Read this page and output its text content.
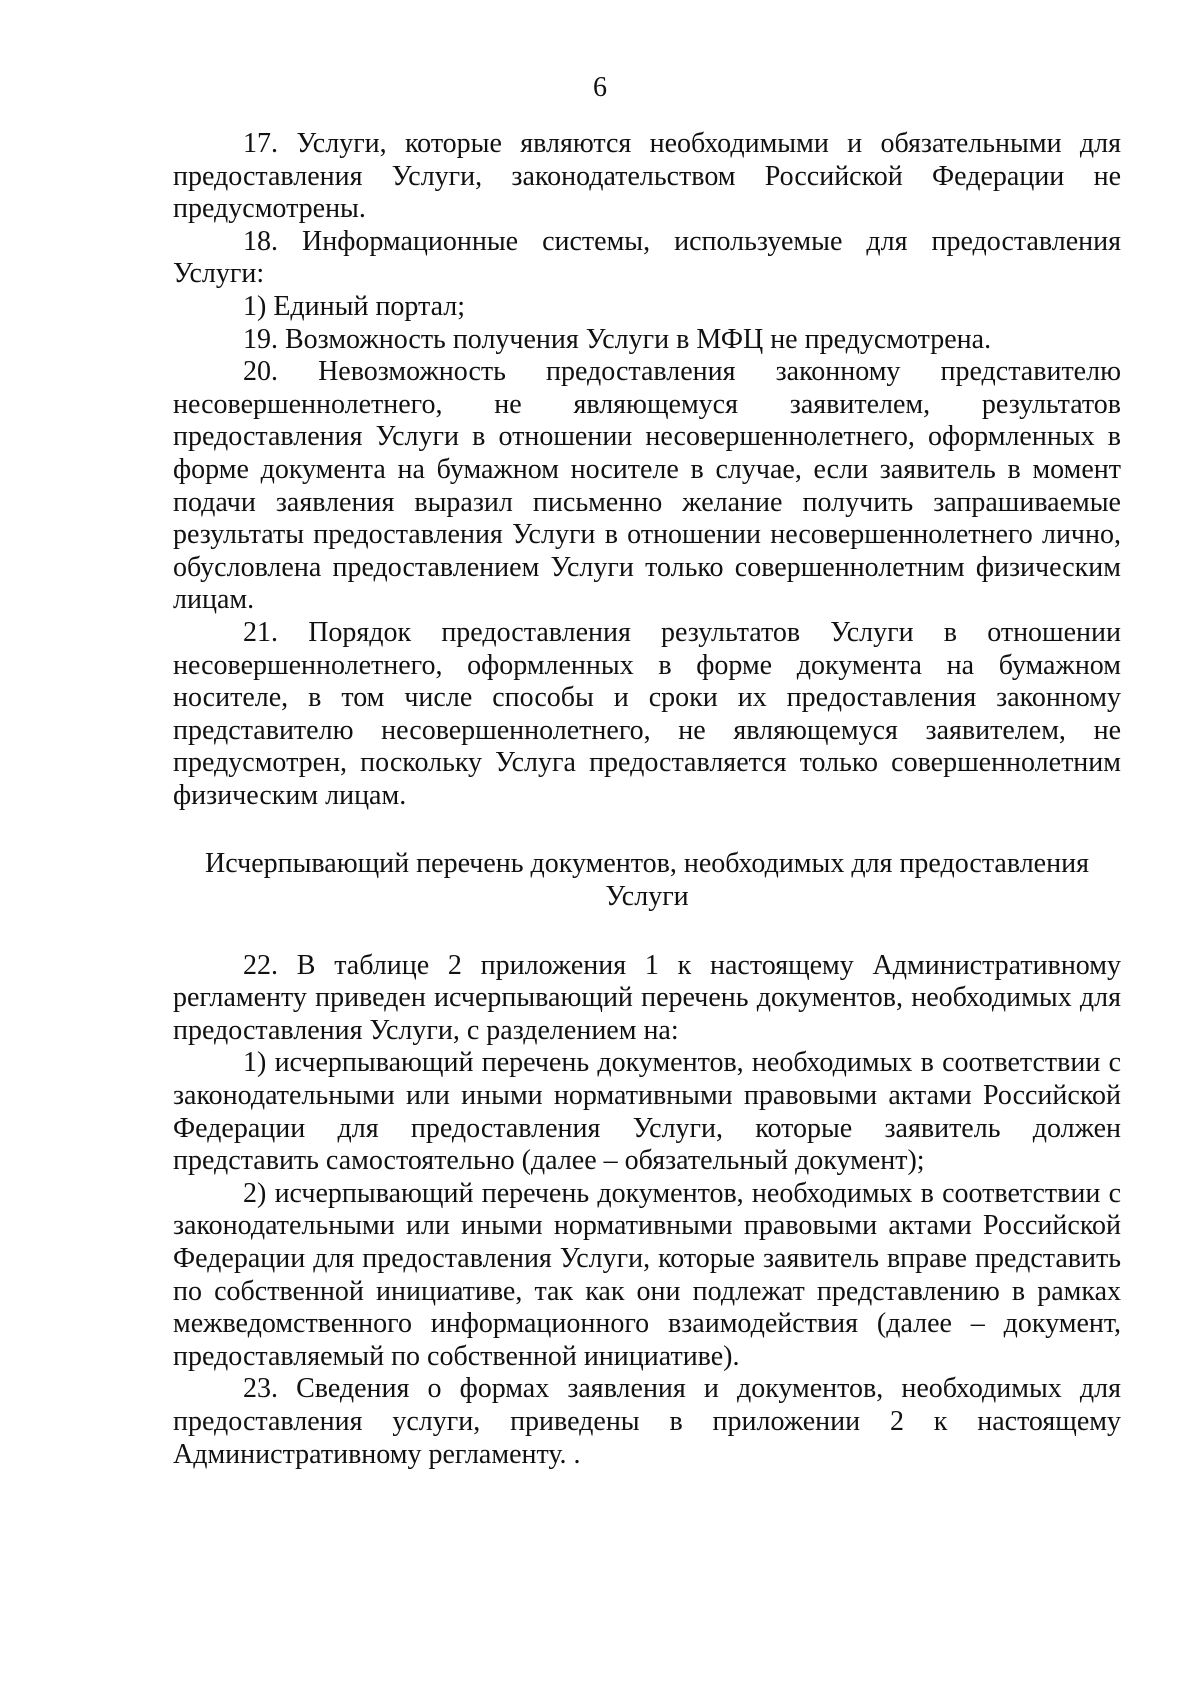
6

17. Услуги, которые являются необходимыми и обязательными для предоставления Услуги, законодательством Российской Федерации не предусмотрены.

18. Информационные системы, используемые для предоставления Услуги:

1) Единый портал;

19. Возможность получения Услуги в МФЦ не предусмотрена.

20. Невозможность предоставления законному представителю несовершеннолетнего, не являющемуся заявителем, результатов предоставления Услуги в отношении несовершеннолетнего, оформленных в форме документа на бумажном носителе в случае, если заявитель в момент подачи заявления выразил письменно желание получить запрашиваемые результаты предоставления Услуги в отношении несовершеннолетнего лично, обусловлена предоставлением Услуги только совершеннолетним физическим лицам.

21. Порядок предоставления результатов Услуги в отношении несовершеннолетнего, оформленных в форме документа на бумажном носителе, в том числе способы и сроки их предоставления законному представителю несовершеннолетнего, не являющемуся заявителем, не предусмотрен, поскольку Услуга предоставляется только совершеннолетним физическим лицам.

Исчерпывающий перечень документов, необходимых для предоставления Услуги

22. В таблице 2 приложения 1 к настоящему Административному регламенту приведен исчерпывающий перечень документов, необходимых для предоставления Услуги, с разделением на:

1) исчерпывающий перечень документов, необходимых в соответствии с законодательными или иными нормативными правовыми актами Российской Федерации для предоставления Услуги, которые заявитель должен представить самостоятельно (далее – обязательный документ);

2) исчерпывающий перечень документов, необходимых в соответствии с законодательными или иными нормативными правовыми актами Российской Федерации для предоставления Услуги, которые заявитель вправе представить по собственной инициативе, так как они подлежат представлению в рамках межведомственного информационного взаимодействия (далее – документ, предоставляемый по собственной инициативе).

23. Сведения о формах заявления и документов, необходимых для предоставления услуги, приведены в приложении 2 к настоящему Административному регламенту. .
